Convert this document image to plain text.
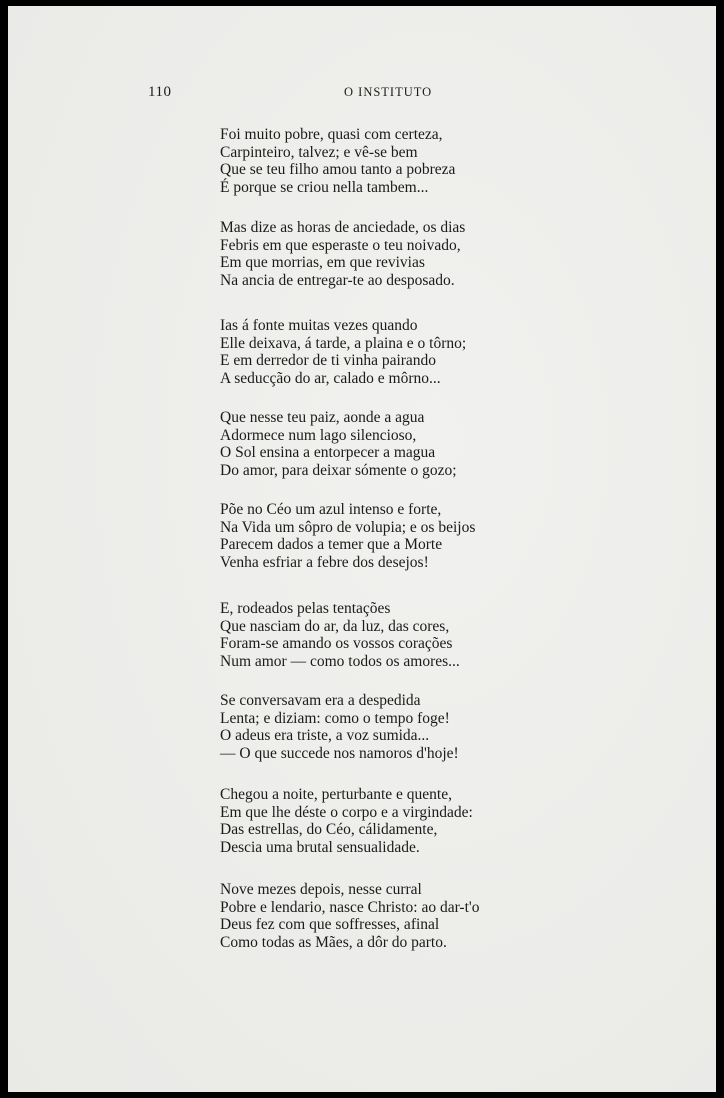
110	O INSTITUTO
Foi muito pobre, quasi com certeza,
Carpinteiro, talvez; e vê-se bem
Que se teu filho amou tanto a pobreza
É porque se criou nella tambem...
Mas dize as horas de anciedade, os dias
Febris em que esperaste o teu noivado,
Em que morrias, em que revivias
Na ancia de entregar-te ao desposado.
Ias á fonte muitas vezes quando
Elle deixava, á tarde, a plaina e o tôrno;
E em derredor de ti vinha pairando
A seducção do ar, calado e môrno...
Que nesse teu paiz, aonde a agua
Adormece num lago silencioso,
O Sol ensina a entorpecer a magua
Do amor, para deixar sómente o gozo;
Põe no Céo um azul intenso e forte,
Na Vida um sôpro de volupia; e os beijos
Parecem dados a temer que a Morte
Venha esfriar a febre dos desejos!
E, rodeados pelas tentações
Que nasciam do ar, da luz, das cores,
Foram-se amando os vossos corações
Num amor — como todos os amores...
Se conversavam era a despedida
Lenta; e diziam: como o tempo foge!
O adeus era triste, a voz sumida...
— O que succede nos namoros d'hoje!
Chegou a noite, perturbante e quente,
Em que lhe déste o corpo e a virgindade:
Das estrellas, do Céo, cálidamente,
Descia uma brutal sensualidade.
Nove mezes depois, nesse curral
Pobre e lendario, nasce Christo: ao dar-t'o
Deus fez com que soffresses, afinal
Como todas as Mães, a dôr do parto.
